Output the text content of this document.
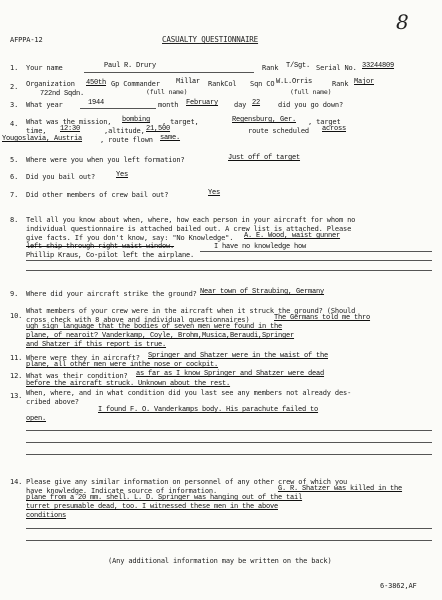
AFPPA-12	CASUALTY QUESTIONNAIRE
8
1. Your name	Paul R. Drury	Rank T/Sgt. Serial No. 33244809
2. Organization 450th Gp Commander Millar RankCol Sqn CO W.L.Orris	Rank Major
(full name)	(full name)
722nd Sqdn.
3. What year	1944	month February day 22	did you go down?
4. What was the mission, bombing , target,	Regensburg, Ger. , target
time, 12:30	,altitude, 21,500	route scheduled across
Yougoslavia, Austria	, route flown same.
5. Where were you when you left formation?	Just off of target
6. Did you bail out?	Yes
7. Did other members of crew bail out?	Yes
8. Tell all you know about when, where, how each person in your aircraft for whom no
individual questionnaire is attached bailed out. A crew list is attached. Please
give facts. If you don't know, say: "No Knowledge". A. E. Wood, waist gunner
left ship through right waist window.	I have no knowledge how
Phillip Kraus, Co-pilot left the airplane.
9. Where did your aircraft strike the ground? Near town of Straubing, Germany
10.
What members of your crew were in the aircraft when it struck the ground? (Should
cross check with 8 above and individual questionnaires)	The Germans told me thro
ugh sign language that the bodies of seven men were found in the
plane, of nearoit? Vanderkamp, Coyle, Brohm,Musica,Beraudi,Springer
and Shatzer if this report is true.
11. Where were they in aircraft? Springer and Shatzer were in the waist of the
plane, all other men were inthe nose or cockpit.
12. What was their condition? as far as I know Springer and Shatzer were dead
before the aircraft struck. Unknown about the rest.
13. When, where, and in what condition did you last see any members not already des-
cribed above?
I found F. O. Vanderkamps body. His parachute failed to
open.
14. Please give any similar information on personnel of any other crew of which you
have knowledge. Indicate source of information.	G. R. Shatzer was killed in the
plane from a 20 mm. shell. L. D. Springer was hanging out of the tail
turret presumable dead, too. I witnessed these men in the above
conditions
(Any additional information may be written on the back)
6-3862,AF
